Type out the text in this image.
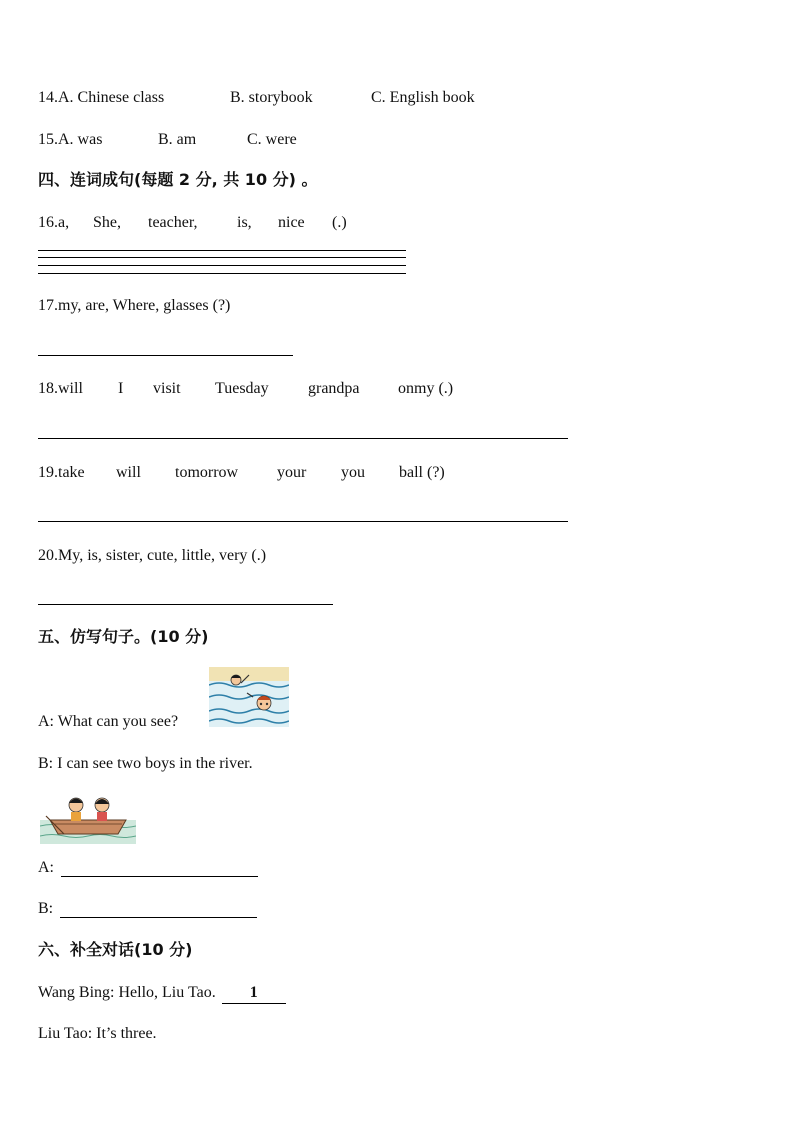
14.A. Chinese class	B. storybook	C. English book
15.A. was	B. am	C. were
四、连词成句(每题 2 分, 共 10 分) 。
16.a, She, teacher, is, nice (.)
17.my, are, Where, glasses (?)
18.will I visit Tuesday grandpa onmy (.)
19.take will tomorrow your you ball (?)
20.My, is, sister, cute, little, very (.)
五、仿写句子。(10 分)
A: What can you see?
B: I can see two boys in the river.
A:
B:
六、补全对话(10 分)
Wang Bing: Hello, Liu Tao. 1
Liu Tao: It’s three.
